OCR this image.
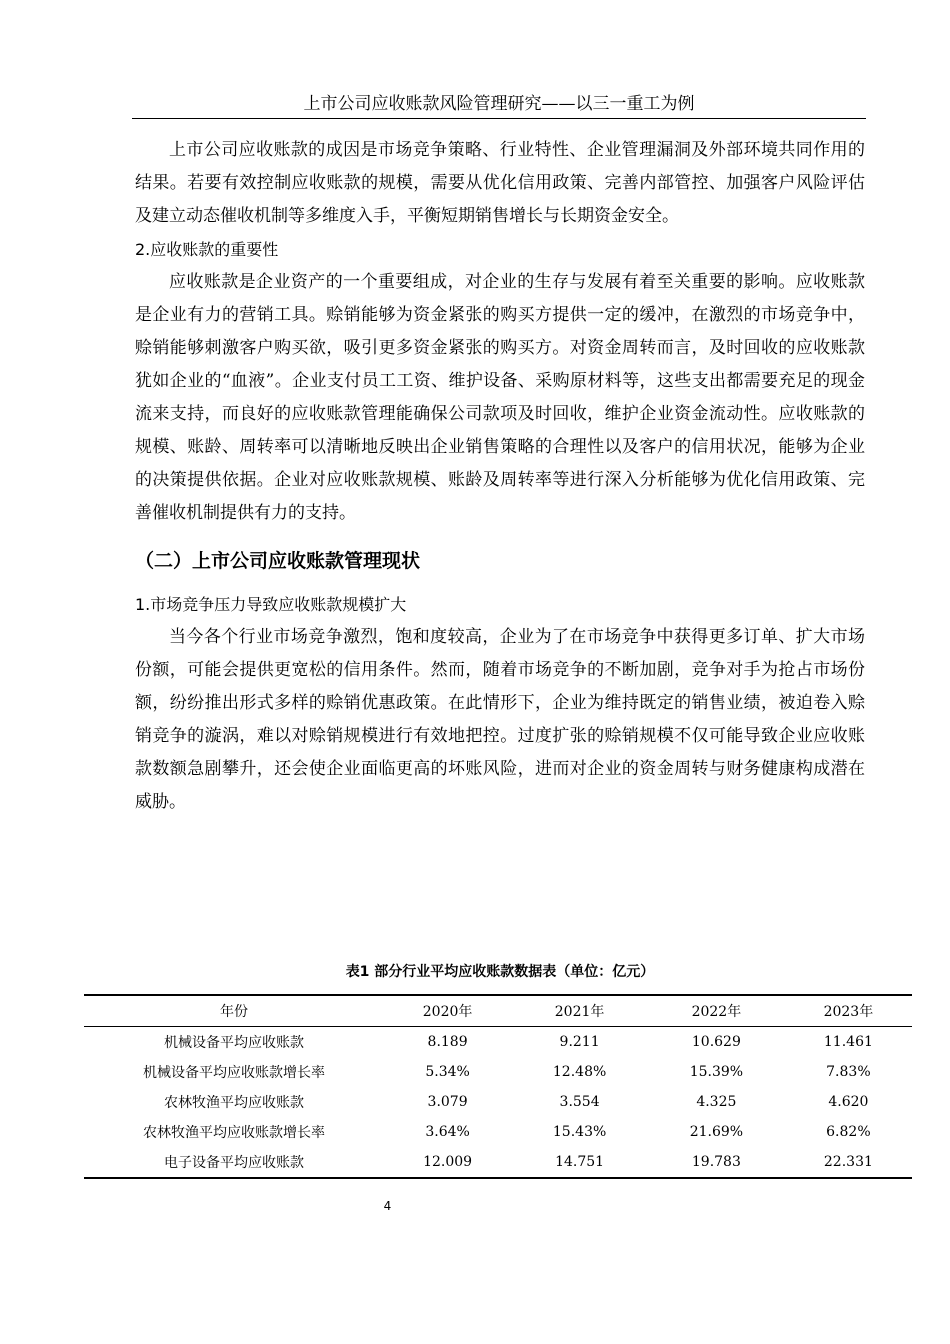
上市公司应收账款风险管理研究——以三一重工为例

上市公司应收账款的成因是市场竞争策略、行业特性、企业管理漏洞及外部环境共同作用的结果。若要有效控制应收账款的规模，需要从优化信用政策、完善内部管控、加强客户风险评估及建立动态催收机制等多维度入手，平衡短期销售增长与长期资金安全。

2.应收账款的重要性

应收账款是企业资产的一个重要组成，对企业的生存与发展有着至关重要的影响。应收账款是企业有力的营销工具。赊销能够为资金紧张的购买方提供一定的缓冲，在激烈的市场竞争中，赊销能够刺激客户购买欲，吸引更多资金紧张的购买方。对资金周转而言，及时回收的应收账款犹如企业的“血液”。企业支付员工工资、维护设备、采购原材料等，这些支出都需要充足的现金流来支持，而良好的应收账款管理能确保公司款项及时回收，维护企业资金流动性。应收账款的规模、账龄、周转率可以清晰地反映出企业销售策略的合理性以及客户的信用状况，能够为企业的决策提供依据。企业对应收账款规模、账龄及周转率等进行深入分析能够为优化信用政策、完善催收机制提供有力的支持。

（二）上市公司应收账款管理现状

1.市场竞争压力导致应收账款规模扩大

当今各个行业市场竞争激烈，饱和度较高，企业为了在市场竞争中获得更多订单、扩大市场份额，可能会提供更宽松的信用条件。然而，随着市场竞争的不断加剧，竞争对手为抢占市场份额，纷纷推出形式多样的赊销优惠政策。在此情形下，企业为维持既定的销售业绩，被迫卷入赊销竞争的漩涡，难以对赊销规模进行有效地把控。过度扩张的赊销规模不仅可能导致企业应收账款数额急剧攀升，还会使企业面临更高的坏账风险，进而对企业的资金周转与财务健康构成潜在威胁。

表1 部分行业平均应收账款数据表（单位：亿元）
年份	2020年	2021年	2022年	2023年
机械设备平均应收账款	8.189	9.211	10.629	11.461
机械设备平均应收账款增长率	5.34%	12.48%	15.39%	7.83%
农林牧渔平均应收账款	3.079	3.554	4.325	4.620
农林牧渔平均应收账款增长率	3.64%	15.43%	21.69%	6.82%
电子设备平均应收账款	12.009	14.751	19.783	22.331
4
